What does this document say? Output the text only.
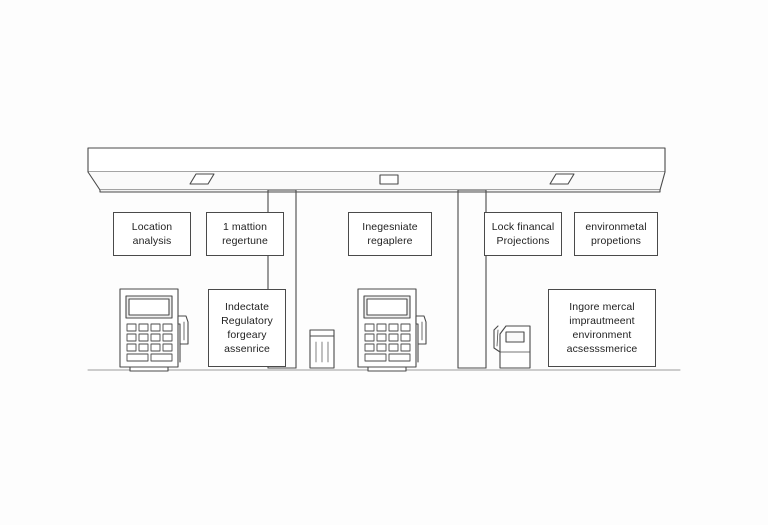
Location
analysis
1 mattion
regertune
Inegesniate
regaplere
Lock financal
Projections
environmetal
propetions
Indectate
Regulatory
forgeary
assenrice
Ingore mercal
imprautmeent
environment
acsesssmerice
